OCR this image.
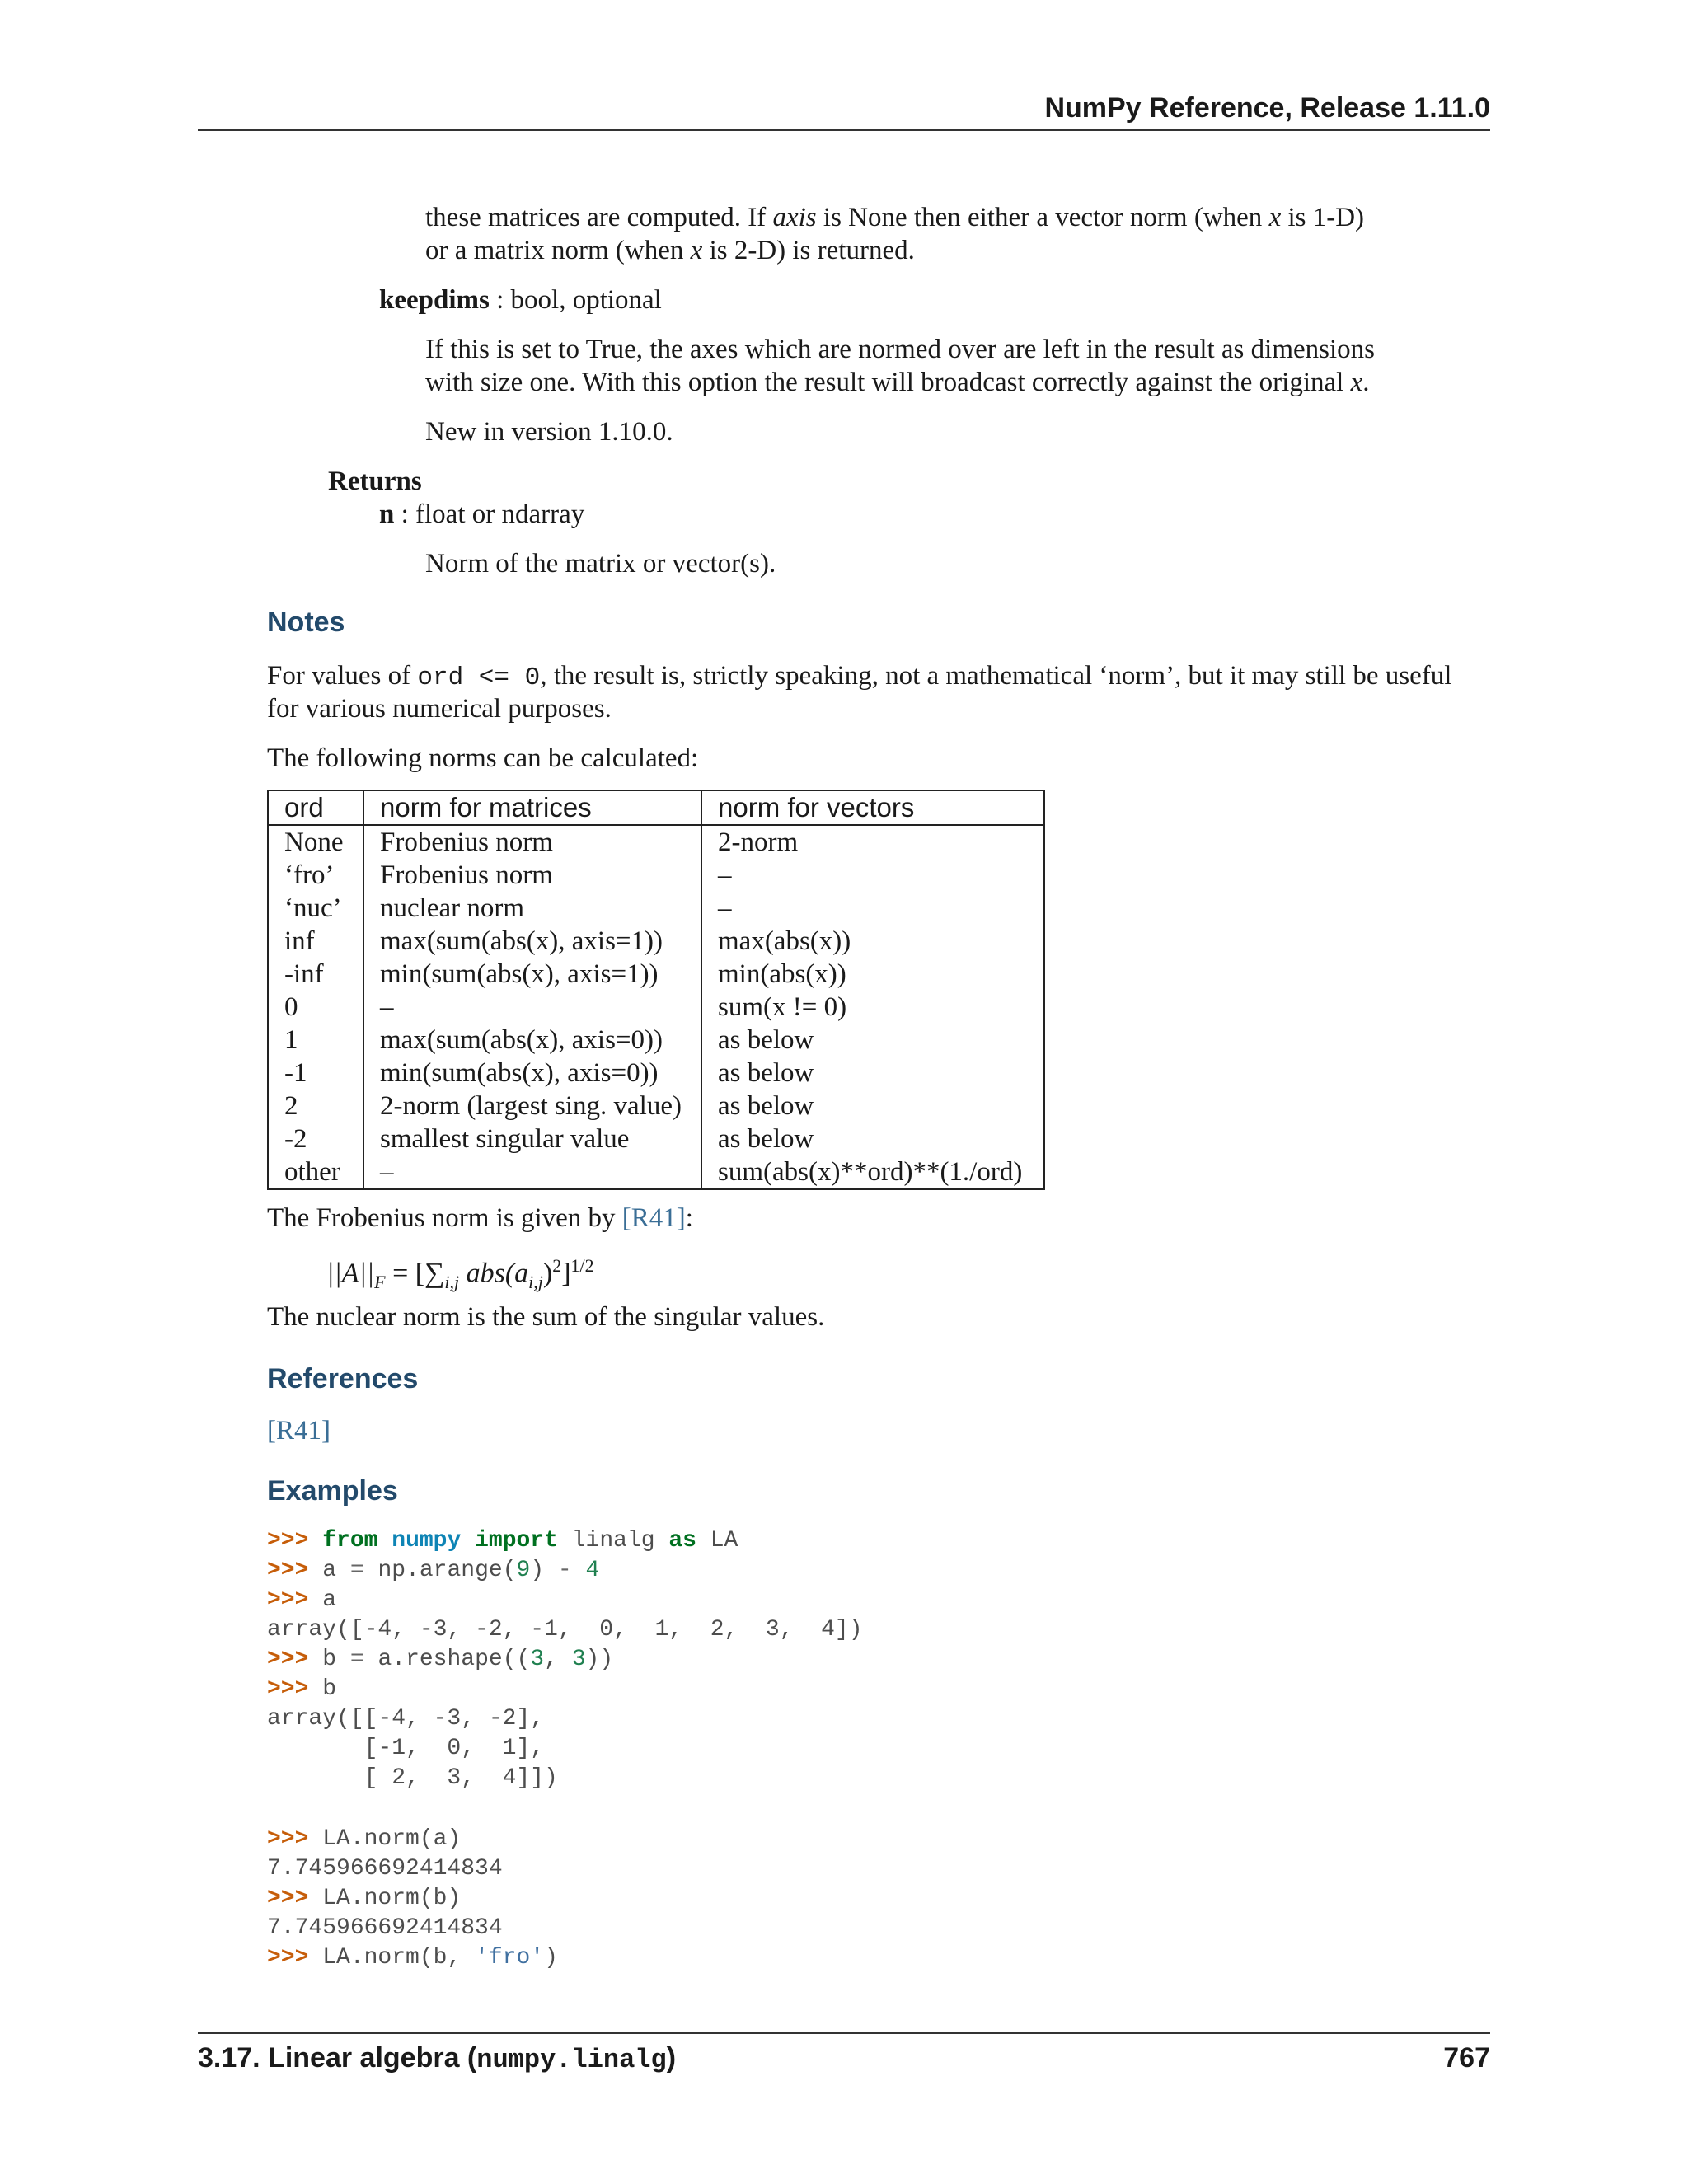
NumPy Reference, Release 1.11.0
these matrices are computed. If axis is None then either a vector norm (when x is 1-D)
or a matrix norm (when x is 2-D) is returned.
keepdims : bool, optional
If this is set to True, the axes which are normed over are left in the result as dimensions
with size one. With this option the result will broadcast correctly against the original x.
New in version 1.10.0.
Returns
n : float or ndarray
Norm of the matrix or vector(s).
Notes
For values of ord <= 0, the result is, strictly speaking, not a mathematical ‘norm’, but it may still be useful
for various numerical purposes.
The following norms can be calculated:
ord	norm for matrices	norm for vectors
None	Frobenius norm	2-norm
‘fro’	Frobenius norm	–
‘nuc’	nuclear norm	–
inf	max(sum(abs(x), axis=1))	max(abs(x))
-inf	min(sum(abs(x), axis=1))	min(abs(x))
0	–	sum(x != 0)
1	max(sum(abs(x), axis=0))	as below
-1	min(sum(abs(x), axis=0))	as below
2	2-norm (largest sing. value)	as below
-2	smallest singular value	as below
other	–	sum(abs(x)**ord)**(1./ord)
The Frobenius norm is given by [R41]:
$||A||_F = [\sum_{i,j}$ $abs(a_{i,j})^2]^{1/2}$
The nuclear norm is the sum of the singular values.
References
[R41]
Examples
>>> from numpy import linalg as LA
>>> a = np.arange(9) - 4
>>> a
array([-4, -3, -2, -1,  0,  1,  2,  3,  4])
>>> b = a.reshape((3, 3))
>>> b
array([[-4, -3, -2],
[-1,  0,  1],
[ 2,  3,  4]])
>>> LA.norm(a)
7.745966692414834
>>> LA.norm(b)
7.745966692414834
>>> LA.norm(b, 'fro')
3.17. Linear algebra (numpy.linalg)	767
